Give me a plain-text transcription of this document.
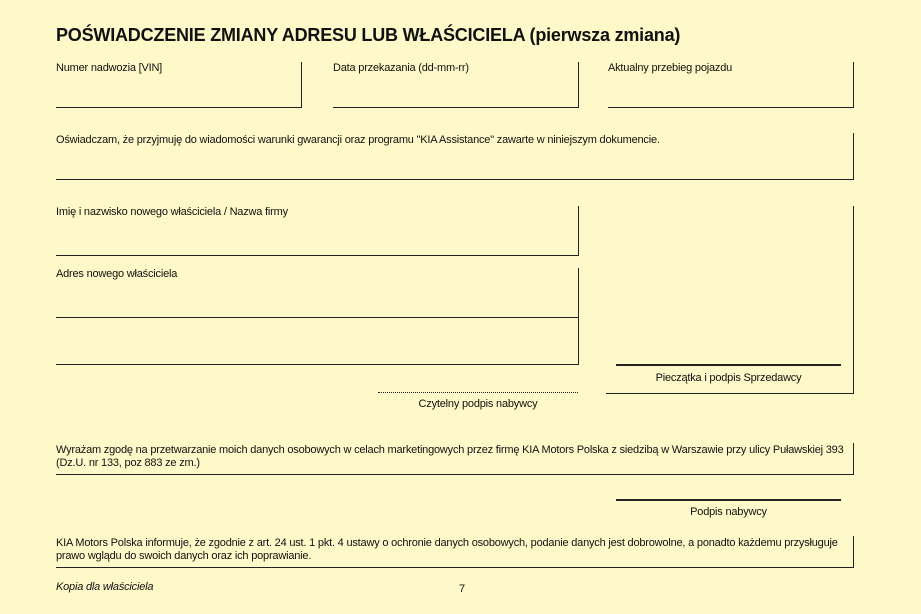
POŚWIADCZENIE ZMIANY ADRESU LUB WŁAŚCICIELA (pierwsza zmiana)
Numer nadwozia [VIN]	Data przekazania (dd-mm-rr)	Aktualny przebieg pojazdu
Oświadczam, że przyjmuję do wiadomości warunki gwarancji oraz programu "KIA Assistance" zawarte w niniejszym dokumencie.
Imię i nazwisko nowego właściciela / Nazwa firmy
Adres nowego właściciela
Pieczątka i podpis Sprzedawcy
Czytelny podpis nabywcy
Wyrażam zgodę na przetwarzanie moich danych osobowych w celach marketingowych przez firmę KIA Motors Polska z siedzibą w Warszawie przy ulicy Puławskiej 393
(Dz.U. nr 133, poz 883 ze zm.)
Podpis nabywcy
KIA Motors Polska informuje, że zgodnie z art. 24 ust. 1 pkt. 4 ustawy o ochronie danych osobowych, podanie danych jest dobrowolne, a ponadto każdemu przysługuje
prawo wglądu do swoich danych oraz ich poprawianie.
Kopia dla właściciela	7
